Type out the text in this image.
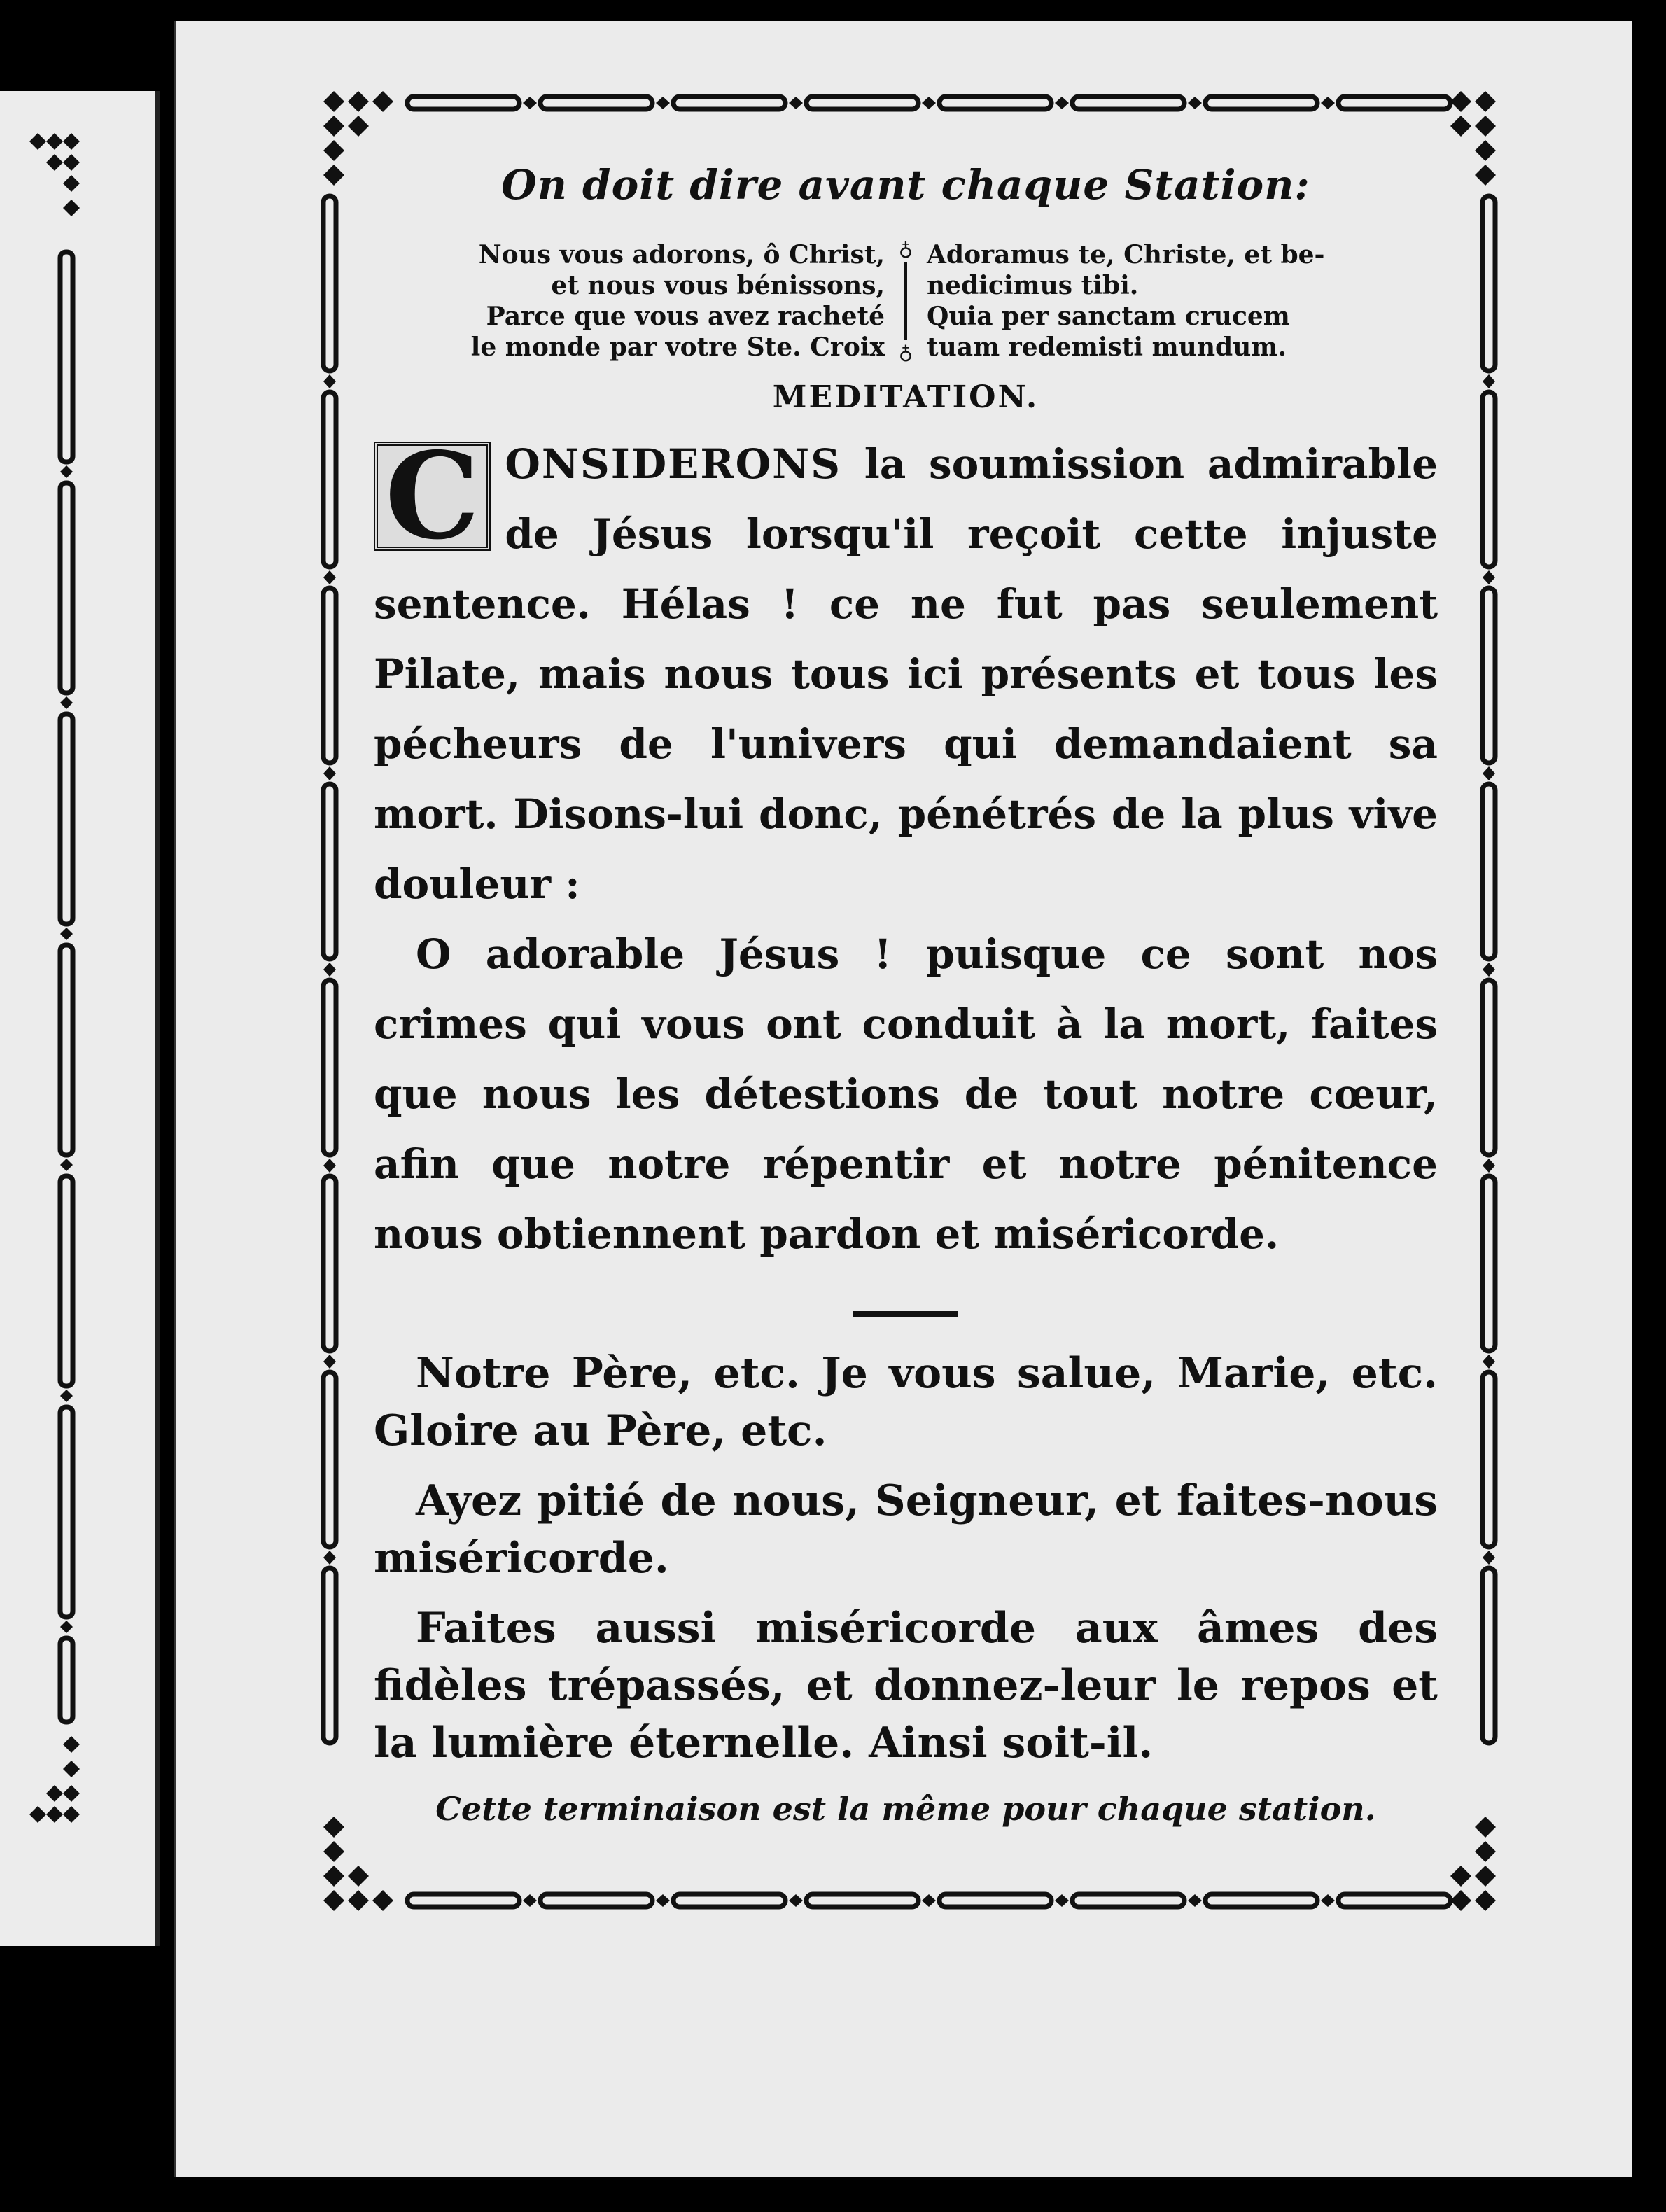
On doit dire avant chaque Station:
Nous vous adorons, ô Christ,
et nous vous bénissons,
Parce que vous avez racheté
le monde par votre Ste. Croix
♁
♁
Adoramus te, Christe, et be-
nedicimus tibi.
Quia per sanctam crucem
tuam redemisti mundum.
MEDITATION.

C ONSIDERONS la soumission admirable de Jésus lorsqu'il reçoit cette injuste sentence. Hélas ! ce ne fut pas seulement Pilate, mais nous tous ici présents et tous les pécheurs de l'univers qui demandaient sa mort. Disons-lui donc, pénétrés de la plus vive douleur :

O adorable Jésus ! puisque ce sont nos crimes qui vous ont conduit à la mort, faites que nous les détestions de tout notre cœur, afin que notre répentir et notre pénitence nous obtiennent pardon et miséricorde.

Notre Père, etc. Je vous salue, Marie, etc. Gloire au Père, etc.

Ayez pitié de nous, Seigneur, et faites-nous miséricorde.

Faites aussi miséricorde aux âmes des fidèles trépassés, et donnez-leur le repos et la lumière éternelle. Ainsi soit-il.

Cette terminaison est la même pour chaque station.
